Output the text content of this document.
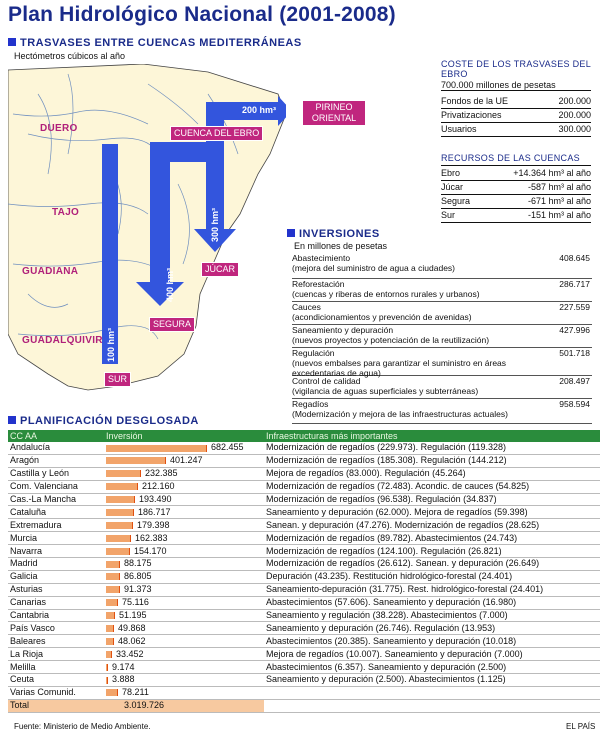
Plan Hidrológico Nacional (2001-2008)
TRASVASES ENTRE CUENCAS MEDITERRÁNEAS
Hectómetros cúbicos al año
DUERO
TAJO
GUADIANA
GUADALQUIVIR
CUENCA DEL EBRO
PIRINEO ORIENTAL
JÚCAR
SEGURA
SUR
200 hm³
300 hm³
400 hm³
100 hm³
COSTE DE LOS TRASVASES DEL EBRO
700.000 millones de pesetas
Fondos de la UE	200.000
Privatizaciones	200.000
Usuarios	300.000
RECURSOS DE LAS CUENCAS
Ebro	+14.364 hm³ al año
Júcar	-587 hm³ al año
Segura	-671 hm³ al año
Sur	-151 hm³ al año
INVERSIONES
En millones de pesetas
Abastecimiento
(mejora del suministro de agua a ciudades)
408.645
Reforestación
(cuencas y riberas de entornos rurales y urbanos)
286.717
Cauces
(acondicionamientos y prevención de avenidas)
227.559
Saneamiento y depuración
(nuevos proyectos y potenciación de la reutilización)
427.996
Regulación
(nuevos embalses para garantizar el suministro en áreas excedentarias de agua)
501.718
Control de calidad
(vigilancia de aguas superficiales y subterráneas)
208.497
Regadíos
(Modernización y mejora de las infraestructuras actuales)
958.594
PLANIFICACIÓN DESGLOSADA
CC AA	Inversión	Infraestructuras más importantes
Andalucía	682.455	Modernización de regadíos (229.973). Regulación (119.328)
Aragón	401.247	Modernización de regadíos (185.308). Regulación (144.212)
Castilla y León	232.385	Mejora de regadíos (83.000). Regulación (45.264)
Com. Valenciana	212.160	Modernización de regadíos (72.483). Acondic. de cauces (54.825)
Cas.-La Mancha	193.490	Modernización de regadíos (96.538). Regulación (34.837)
Cataluña	186.717	Saneamiento y depuración (62.000). Mejora de regadíos (59.398)
Extremadura	179.398	Sanean. y depuración (47.276). Modernización de regadíos (28.625)
Murcia	162.383	Modernización de regadíos (89.782). Abastecimientos (24.743)
Navarra	154.170	Modernización de regadíos (124.100). Regulación (26.821)
Madrid	88.175	Modernización de regadíos (26.612). Sanean. y depuración (26.649)
Galicia	86.805	Depuración (43.235). Restitución hidrológico-forestal (24.401)
Asturias	91.373	Saneamiento-depuración (31.775). Rest. hidrológico-forestal (24.401)
Canarias	75.116	Abastecimientos (57.606). Saneamiento y depuración (16.980)
Cantabria	51.195	Saneamiento y regulación (38.228). Abastecimientos (7.000)
País Vasco	49.868	Saneamiento y depuración (26.746). Regulación (13.953)
Baleares	48.062	Abastecimientos (20.385). Saneamiento y depuración (10.018)
La Rioja	33.452	Mejora de regadíos (10.007). Saneamiento y depuración (7.000)
Melilla	9.174	Abastecimientos (6.357). Saneamiento y depuración (2.500)
Ceuta	3.888	Saneamiento y depuración (2.500). Abastecimientos (1.125)
Varias Comunid.	78.211	
Total	3.019.726	
Fuente: Ministerio de Medio Ambiente.	EL PAÍS
